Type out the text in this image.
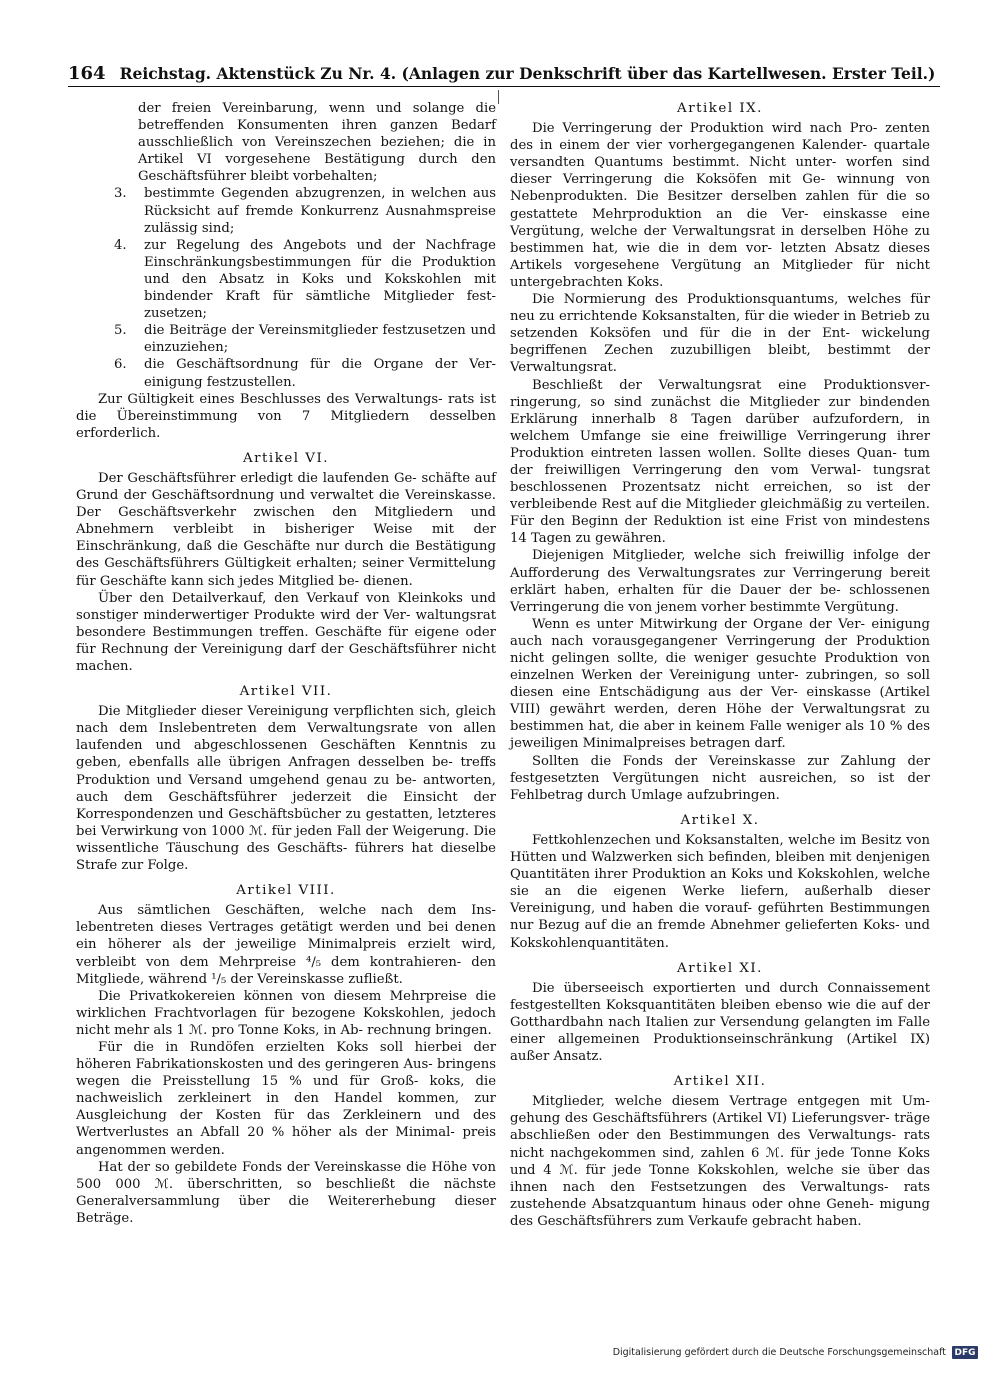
164 Reichstag. Aktenstück Zu Nr. 4. (Anlagen zur Denkschrift über das Kartellwesen. Erster Teil.)

der freien Vereinbarung, wenn und solange die betreffenden Konsumenten ihren ganzen Bedarf ausschließlich von Vereinszechen beziehen; die in Artikel VI vorgesehene Bestätigung durch den Geschäftsführer bleibt vorbehalten;

3.	bestimmte Gegenden abzugrenzen, in welchen aus Rücksicht auf fremde Konkurrenz Ausnahmspreise zulässig sind;
4.	zur Regelung des Angebots und der Nachfrage Einschränkungsbestimmungen für die Produktion und den Absatz in Koks und Kokskohlen mit bindender Kraft für sämtliche Mitglieder fest- zusetzen;
5.	die Beiträge der Vereinsmitglieder festzusetzen und einzuziehen;
6.	die Geschäftsordnung für die Organe der Ver- einigung festzustellen.

Zur Gültigkeit eines Beschlusses des Verwaltungs- rats ist die Übereinstimmung von 7 Mitgliedern desselben erforderlich.

Artikel VI.

Der Geschäftsführer erledigt die laufenden Ge- schäfte auf Grund der Geschäftsordnung und verwaltet die Vereinskasse. Der Geschäftsverkehr zwischen den Mitgliedern und Abnehmern verbleibt in bisheriger Weise mit der Einschränkung, daß die Geschäfte nur durch die Bestätigung des Geschäftsführers Gültigkeit erhalten; seiner Vermittelung für Geschäfte kann sich jedes Mitglied be- dienen.

Über den Detailverkauf, den Verkauf von Kleinkoks und sonstiger minderwertiger Produkte wird der Ver- waltungsrat besondere Bestimmungen treffen. Geschäfte für eigene oder für Rechnung der Vereinigung darf der Geschäftsführer nicht machen.

Artikel VII.

Die Mitglieder dieser Vereinigung verpflichten sich, gleich nach dem Inslebentreten dem Verwaltungsrate von allen laufenden und abgeschlossenen Geschäften Kenntnis zu geben, ebenfalls alle übrigen Anfragen desselben be- treffs Produktion und Versand umgehend genau zu be- antworten, auch dem Geschäftsführer jederzeit die Einsicht der Korrespondenzen und Geschäftsbücher zu gestatten, letzteres bei Verwirkung von 1000 ℳ. für jeden Fall der Weigerung. Die wissentliche Täuschung des Geschäfts- führers hat dieselbe Strafe zur Folge.

Artikel VIII.

Aus sämtlichen Geschäften, welche nach dem Ins- lebentreten dieses Vertrages getätigt werden und bei denen ein höherer als der jeweilige Minimalpreis erzielt wird, verbleibt von dem Mehrpreise ⁴/₅ dem kontrahieren- den Mitgliede, während ¹/₅ der Vereinskasse zufließt.

Die Privatkokereien können von diesem Mehrpreise die wirklichen Frachtvorlagen für bezogene Kokskohlen, jedoch nicht mehr als 1 ℳ. pro Tonne Koks, in Ab- rechnung bringen.

Für die in Rundöfen erzielten Koks soll hierbei der höheren Fabrikationskosten und des geringeren Aus- bringens wegen die Preisstellung 15 % und für Groß- koks, die nachweislich zerkleinert in den Handel kommen, zur Ausgleichung der Kosten für das Zerkleinern und des Wertverlustes an Abfall 20 % höher als der Minimal- preis angenommen werden.

Hat der so gebildete Fonds der Vereinskasse die Höhe von 500 000 ℳ. überschritten, so beschließt die nächste Generalversammlung über die Weitererhebung dieser Beträge.

Artikel IX.

Die Verringerung der Produktion wird nach Pro- zenten des in einem der vier vorhergegangenen Kalender- quartale versandten Quantums bestimmt. Nicht unter- worfen sind dieser Verringerung die Koksöfen mit Ge- winnung von Nebenprodukten. Die Besitzer derselben zahlen für die so gestattete Mehrproduktion an die Ver- einskasse eine Vergütung, welche der Verwaltungsrat in derselben Höhe zu bestimmen hat, wie die in dem vor- letzten Absatz dieses Artikels vorgesehene Vergütung an Mitglieder für nicht untergebrachten Koks.

Die Normierung des Produktionsquantums, welches für neu zu errichtende Koksanstalten, für die wieder in Betrieb zu setzenden Koksöfen und für die in der Ent- wickelung begriffenen Zechen zuzubilligen bleibt, bestimmt der Verwaltungsrat.

Beschließt der Verwaltungsrat eine Produktionsver- ringerung, so sind zunächst die Mitglieder zur bindenden Erklärung innerhalb 8 Tagen darüber aufzufordern, in welchem Umfange sie eine freiwillige Verringerung ihrer Produktion eintreten lassen wollen. Sollte dieses Quan- tum der freiwilligen Verringerung den vom Verwal- tungsrat beschlossenen Prozentsatz nicht erreichen, so ist der verbleibende Rest auf die Mitglieder gleichmäßig zu verteilen. Für den Beginn der Reduktion ist eine Frist von mindestens 14 Tagen zu gewähren.

Diejenigen Mitglieder, welche sich freiwillig infolge der Aufforderung des Verwaltungsrates zur Verringerung bereit erklärt haben, erhalten für die Dauer der be- schlossenen Verringerung die von jenem vorher bestimmte Vergütung.

Wenn es unter Mitwirkung der Organe der Ver- einigung auch nach vorausgegangener Verringerung der Produktion nicht gelingen sollte, die weniger gesuchte Produktion von einzelnen Werken der Vereinigung unter- zubringen, so soll diesen eine Entschädigung aus der Ver- einskasse (Artikel VIII) gewährt werden, deren Höhe der Verwaltungsrat zu bestimmen hat, die aber in keinem Falle weniger als 10 % des jeweiligen Minimalpreises betragen darf.

Sollten die Fonds der Vereinskasse zur Zahlung der festgesetzten Vergütungen nicht ausreichen, so ist der Fehlbetrag durch Umlage aufzubringen.

Artikel X.

Fettkohlenzechen und Koksanstalten, welche im Besitz von Hütten und Walzwerken sich befinden, bleiben mit denjenigen Quantitäten ihrer Produktion an Koks und Kokskohlen, welche sie an die eigenen Werke liefern, außerhalb dieser Vereinigung, und haben die vorauf- geführten Bestimmungen nur Bezug auf die an fremde Abnehmer gelieferten Koks- und Kokskohlenquantitäten.

Artikel XI.

Die überseeisch exportierten und durch Connaissement festgestellten Koksquantitäten bleiben ebenso wie die auf der Gotthardbahn nach Italien zur Versendung gelangten im Falle einer allgemeinen Produktionseinschränkung (Artikel IX) außer Ansatz.

Artikel XII.

Mitglieder, welche diesem Vertrage entgegen mit Um- gehung des Geschäftsführers (Artikel VI) Lieferungsver- träge abschließen oder den Bestimmungen des Verwaltungs- rats nicht nachgekommen sind, zahlen 6 ℳ. für jede Tonne Koks und 4 ℳ. für jede Tonne Kokskohlen, welche sie über das ihnen nach den Festsetzungen des Verwaltungs- rats zustehende Absatzquantum hinaus oder ohne Geneh- migung des Geschäftsführers zum Verkaufe gebracht haben.

Digitalisierung gefördert durch die Deutsche Forschungsgemeinschaft DFG
